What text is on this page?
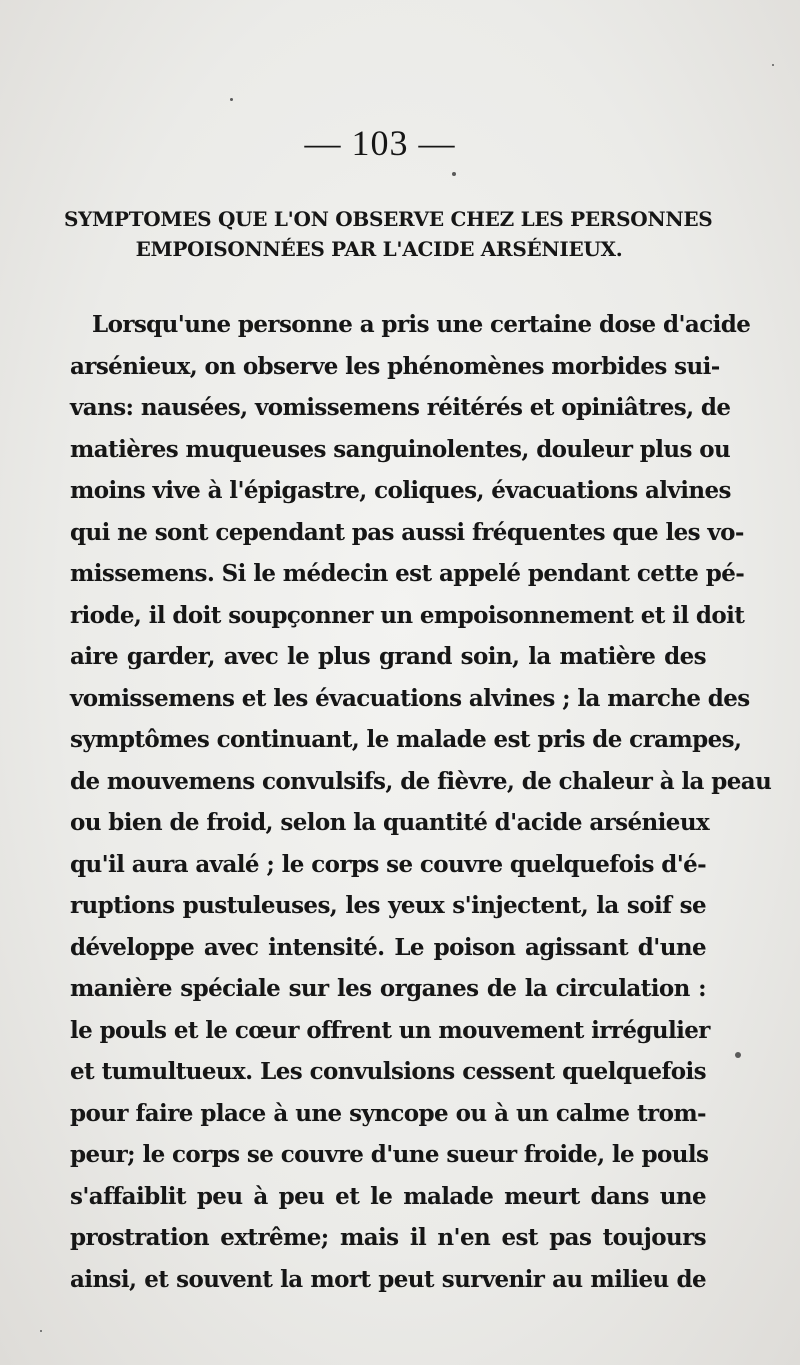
— 103 —
SYMPTOMES QUE L'ON OBSERVE CHEZ LES PERSONNES
EMPOISONNÉES PAR L'ACIDE ARSÉNIEUX.
Lorsqu'une personne a pris une certaine dose d'acide
arsénieux, on observe les phénomènes morbides sui-
vans: nausées, vomissemens réitérés et opiniâtres, de
matières muqueuses sanguinolentes, douleur plus ou
moins vive à l'épigastre, coliques, évacuations alvines
qui ne sont cependant pas aussi fréquentes que les vo-
missemens. Si le médecin est appelé pendant cette pé-
riode, il doit soupçonner un empoisonnement et il doit
aire garder, avec le plus grand soin, la matière des
vomissemens et les évacuations alvines ; la marche des
symptômes continuant, le malade est pris de crampes,
de mouvemens convulsifs, de fièvre, de chaleur à la peau
ou bien de froid, selon la quantité d'acide arsénieux
qu'il aura avalé ; le corps se couvre quelquefois d'é-
ruptions pustuleuses, les yeux s'injectent, la soif se
développe avec intensité. Le poison agissant d'une
manière spéciale sur les organes de la circulation :
le pouls et le cœur offrent un mouvement irrégulier
et tumultueux. Les convulsions cessent quelquefois
pour faire place à une syncope ou à un calme trom-
peur; le corps se couvre d'une sueur froide, le pouls
s'affaiblit peu à peu et le malade meurt dans une
prostration extrême; mais il n'en est pas toujours
ainsi, et souvent la mort peut survenir au milieu de
